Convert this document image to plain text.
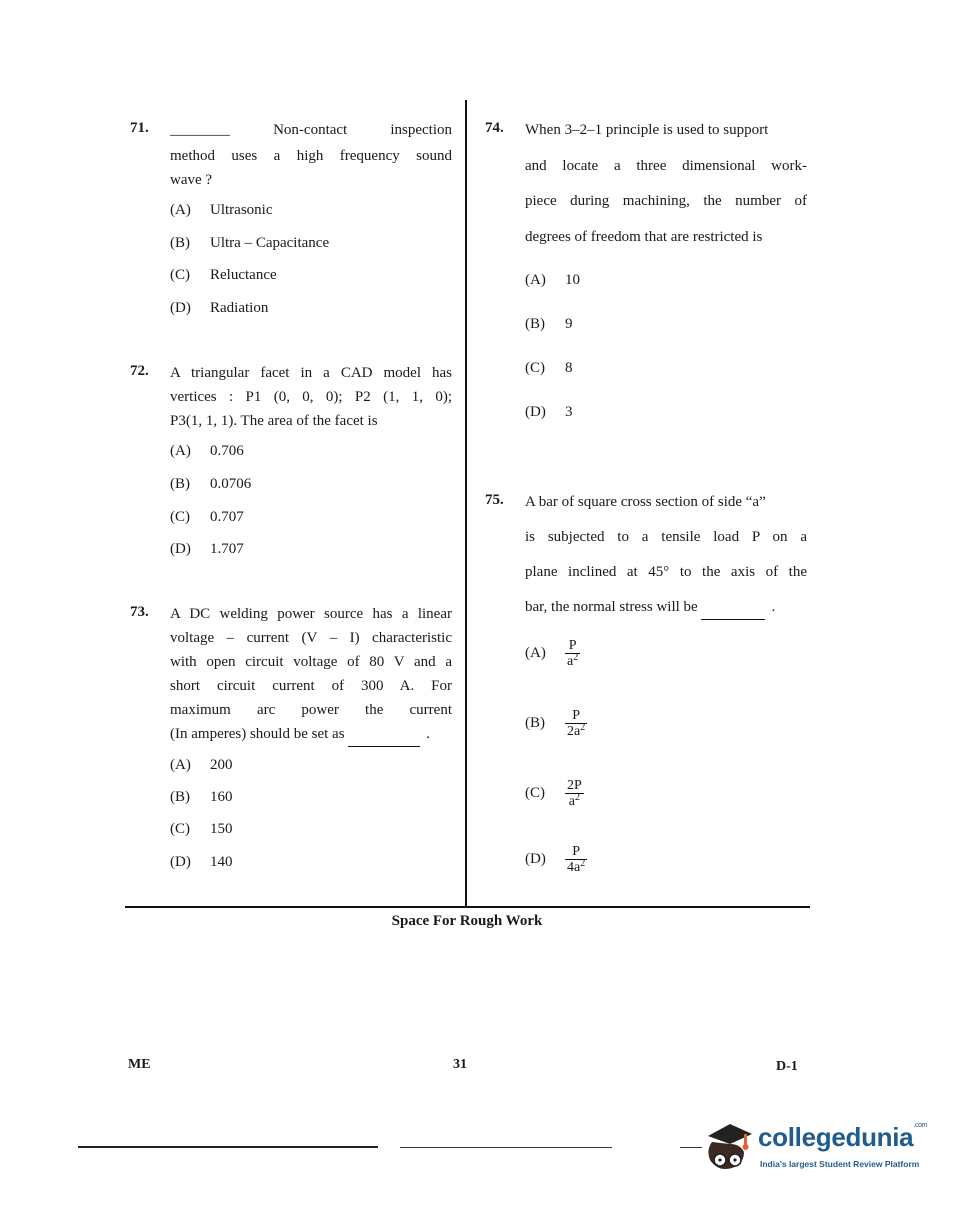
71. ________	Non-contact	inspection
method uses a high frequency sound
wave ?
(A) Ultrasonic
(B) Ultra – Capacitance
(C) Reluctance
(D) Radiation
72. A triangular facet in a CAD model has
vertices : P1 (0, 0, 0); P2 (1, 1, 0);
P3(1, 1, 1). The area of the facet is
(A) 0.706
(B) 0.0706
(C) 0.707
(D) 1.707
73. A DC welding power source has a linear
voltage – current (V – I) characteristic
with open circuit voltage of 80 V and a
short circuit current of 300 A. For
maximum arc power the current
(In amperes) should be set as	.
(A) 200
(B) 160
(C) 150
(D) 140
74. When 3–2–1 principle is used to support
and locate a three dimensional work-
piece during machining, the number of
degrees of freedom that are restricted is
(A) 10
(B) 9
(C) 8
(D) 3
75. A bar of square cross section of side “a”
is subjected to a tensile load P on a
plane inclined at 45° to the axis of the
bar, the normal stress will be	.
(A)	$\frac{P}{a^2}$
(B)	$\frac{P}{2a^2}$
(C)	$\frac{2P}{a^2}$
(D)	$\frac{P}{4a^2}$
Space For Rough Work
ME	31	D-1
collegedunia$^{.com}$
India's largest Student Review Platform
